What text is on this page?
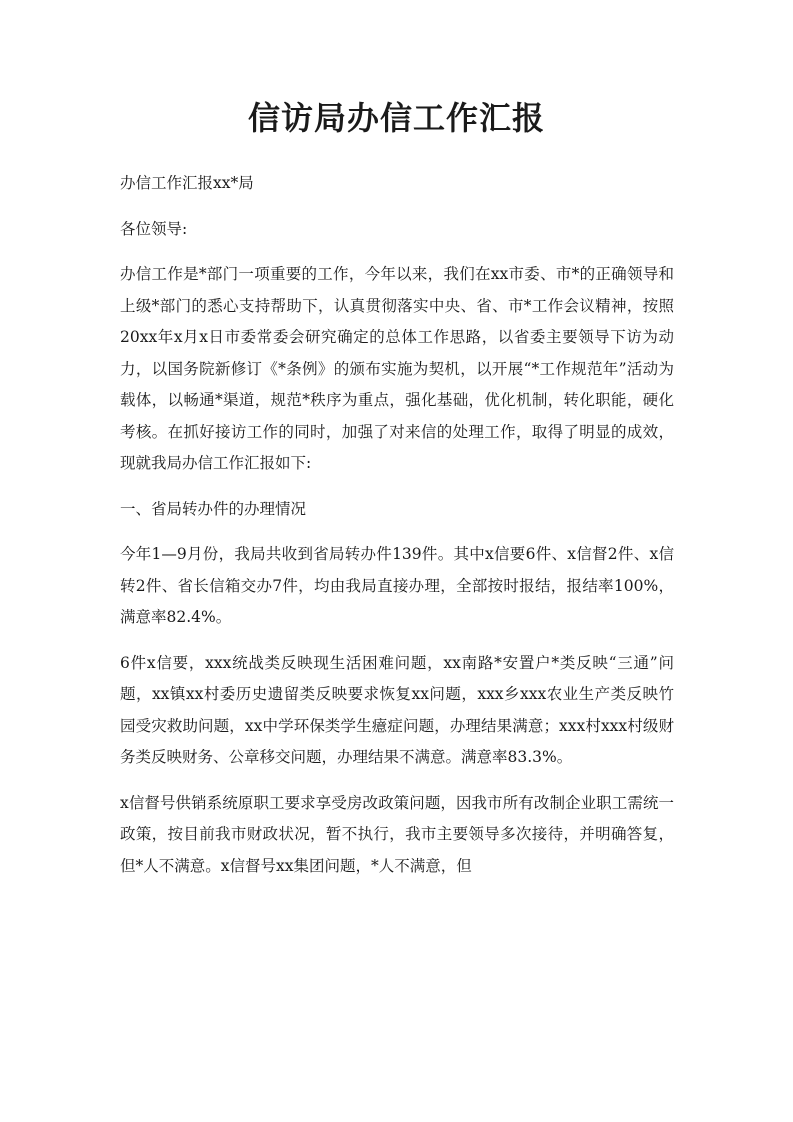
信访局办信工作汇报

办信工作汇报xx*局

各位领导:

办信工作是*部门一项重要的工作，今年以来，我们在xx市委、市*的正确领导和上级*部门的悉心支持帮助下，认真贯彻落实中央、省、市*工作会议精神，按照20xx年x月x日市委常委会研究确定的总体工作思路，以省委主要领导下访为动力，以国务院新修订《*条例》的颁布实施为契机，以开展“*工作规范年”活动为载体，以畅通*渠道，规范*秩序为重点，强化基础，优化机制，转化职能，硬化考核。在抓好接访工作的同时，加强了对来信的处理工作，取得了明显的成效，现就我局办信工作汇报如下:

一、省局转办件的办理情况

今年1—9月份，我局共收到省局转办件139件。其中x信要6件、x信督2件、x信转2件、省长信箱交办7件，均由我局直接办理，全部按时报结，报结率100%，满意率82.4%。

6件x信要，xxx统战类反映现生活困难问题，xx南路*安置户*类反映“三通”问题，xx镇xx村委历史遗留类反映要求恢复xx问题，xxx乡xxx农业生产类反映竹园受灾救助问题，xx中学环保类学生癔症问题，办理结果满意；xxx村xxx村级财务类反映财务、公章移交问题，办理结果不满意。满意率83.3%。

x信督号供销系统原职工要求享受房改政策问题，因我市所有改制企业职工需统一政策，按目前我市财政状况，暂不执行，我市主要领导多次接待，并明确答复，但*人不满意。x信督号xx集团问题，*人不满意，但
